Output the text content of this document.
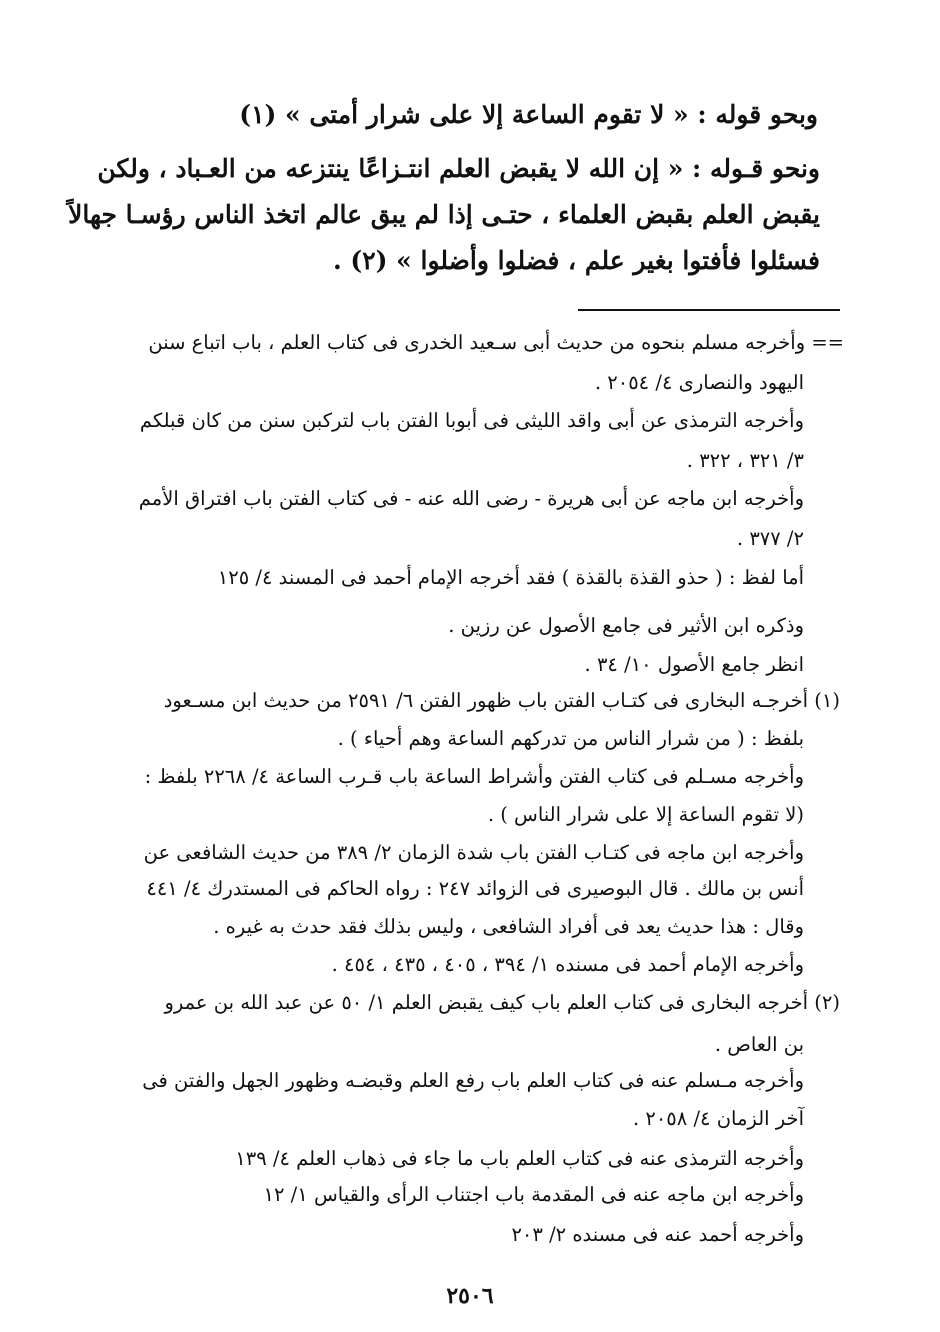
وبحو قوله : « لا تقوم الساعة إلا على شرار أمتى » (١)
ونحو قـوله : « إن الله لا يقبض العلم انتـزاعًا ينتزعه من العـباد ، ولكن
يقبض العلم بقبض العلماء ، حتـى إذا لم يبق عالم اتخذ الناس رؤسـا جهالاً
فسئلوا فأفتوا بغير علم ، فضلوا وأضلوا » (٢) .
== وأخرجه مسلم بنحوه من حديث أبى سـعيد الخدرى فى كتاب العلم ، باب اتباع سنن
اليهود والنصارى ٤/ ٢٠٥٤ .
وأخرجه الترمذى عن أبى واقد الليثى فى أبوبا الفتن باب لتركبن سنن من كان قبلكم
٣/ ٣٢١ ، ٣٢٢ .
وأخرجه ابن ماجه عن أبى هريرة - رضى الله عنه - فى كتاب الفتن باب افتراق الأمم
٢/ ٣٧٧ .
أما لفظ : ( حذو القذة بالقذة ) فقد أخرجه الإمام أحمد فى المسند ٤/ ١٢٥
وذكره ابن الأثير فى جامع الأصول عن رزين .
انظر جامع الأصول ١٠/ ٣٤ .
(١) أخرجـه البخارى فى كتـاب الفتن باب ظهور الفتن ٦/ ٢٥٩١ من حديث ابن مسـعود
بلفظ : ( من شرار الناس من تدركهم الساعة وهم أحياء ) .
وأخرجه مسـلم فى كتاب الفتن وأشراط الساعة باب قـرب الساعة ٤/ ٢٢٦٨ بلفظ :
(لا تقوم الساعة إلا على شرار الناس ) .
وأخرجه ابن ماجه فى كتـاب الفتن باب شدة الزمان ٢/ ٣٨٩ من حديث الشافعى عن
أنس بن مالك . قال البوصيرى فى الزوائد ٢٤٧ : رواه الحاكم فى المستدرك ٤/ ٤٤١
وقال : هذا حديث يعد فى أفراد الشافعى ، وليس بذلك فقد حدث به غيره .
وأخرجه الإمام أحمد فى مسنده ١/ ٣٩٤ ، ٤٠٥ ، ٤٣٥ ، ٤٥٤ .
(٢) أخرجه البخارى فى كتاب العلم باب كيف يقبض العلم ١/ ٥٠ عن عبد الله بن عمرو
بن العاص .
وأخرجه مـسلم عنه فى كتاب العلم باب رفع العلم وقبضـه وظهور الجهل والفتن فى
آخر الزمان ٤/ ٢٠٥٨ .
وأخرجه الترمذى عنه فى كتاب العلم باب ما جاء فى ذهاب العلم ٤/ ١٣٩
وأخرجه ابن ماجه عنه فى المقدمة باب اجتناب الرأى والقياس ١/ ١٢
وأخرجه أحمد عنه فى مسنده ٢/ ٢٠٣
٢٥٠٦
